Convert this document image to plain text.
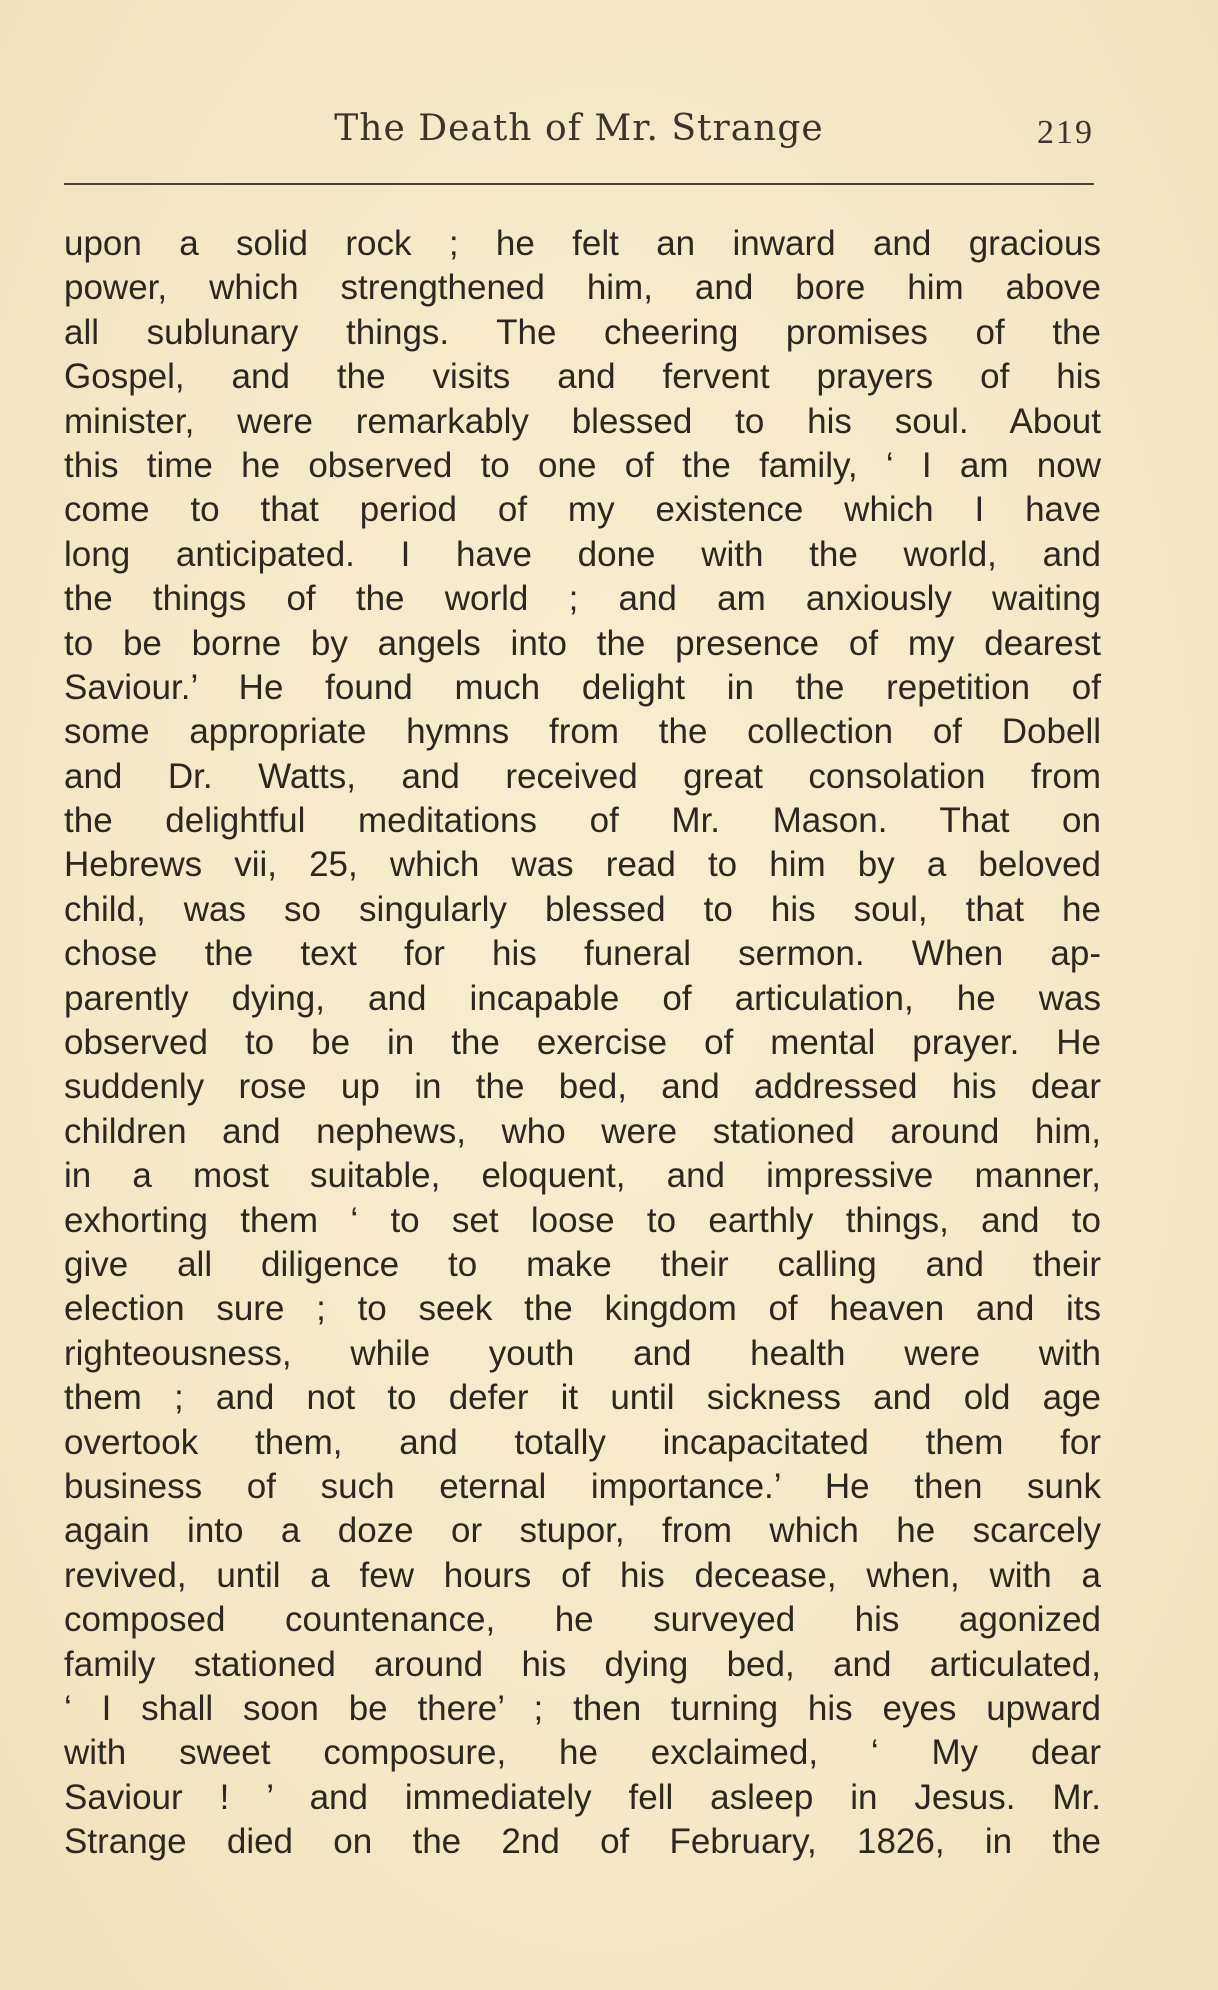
The Death of Mr. Strange	219
upon a solid rock ; he felt an inward and gracious
power, which strengthened him, and bore him above
all sublunary things. The cheering promises of the
Gospel, and the visits and fervent prayers of his
minister, were remarkably blessed to his soul. About
this time he observed to one of the family, ‘ I am now
come to that period of my existence which I have
long anticipated. I have done with the world, and
the things of the world ; and am anxiously waiting
to be borne by angels into the presence of my dearest
Saviour.’ He found much delight in the repetition of
some appropriate hymns from the collection of Dobell
and Dr. Watts, and received great consolation from
the delightful meditations of Mr. Mason. That on
Hebrews vii, 25, which was read to him by a beloved
child, was so singularly blessed to his soul, that he
chose the text for his funeral sermon. When ap-
parently dying, and incapable of articulation, he was
observed to be in the exercise of mental prayer. He
suddenly rose up in the bed, and addressed his dear
children and nephews, who were stationed around him,
in a most suitable, eloquent, and impressive manner,
exhorting them ‘ to set loose to earthly things, and to
give all diligence to make their calling and their
election sure ; to seek the kingdom of heaven and its
righteousness, while youth and health were with
them ; and not to defer it until sickness and old age
overtook them, and totally incapacitated them for
business of such eternal importance.’ He then sunk
again into a doze or stupor, from which he scarcely
revived, until a few hours of his decease, when, with a
composed countenance, he surveyed his agonized
family stationed around his dying bed, and articulated,
‘ I shall soon be there’ ; then turning his eyes upward
with sweet composure, he exclaimed, ‘ My dear
Saviour ! ’ and immediately fell asleep in Jesus. Mr.
Strange died on the 2nd of February, 1826, in the
